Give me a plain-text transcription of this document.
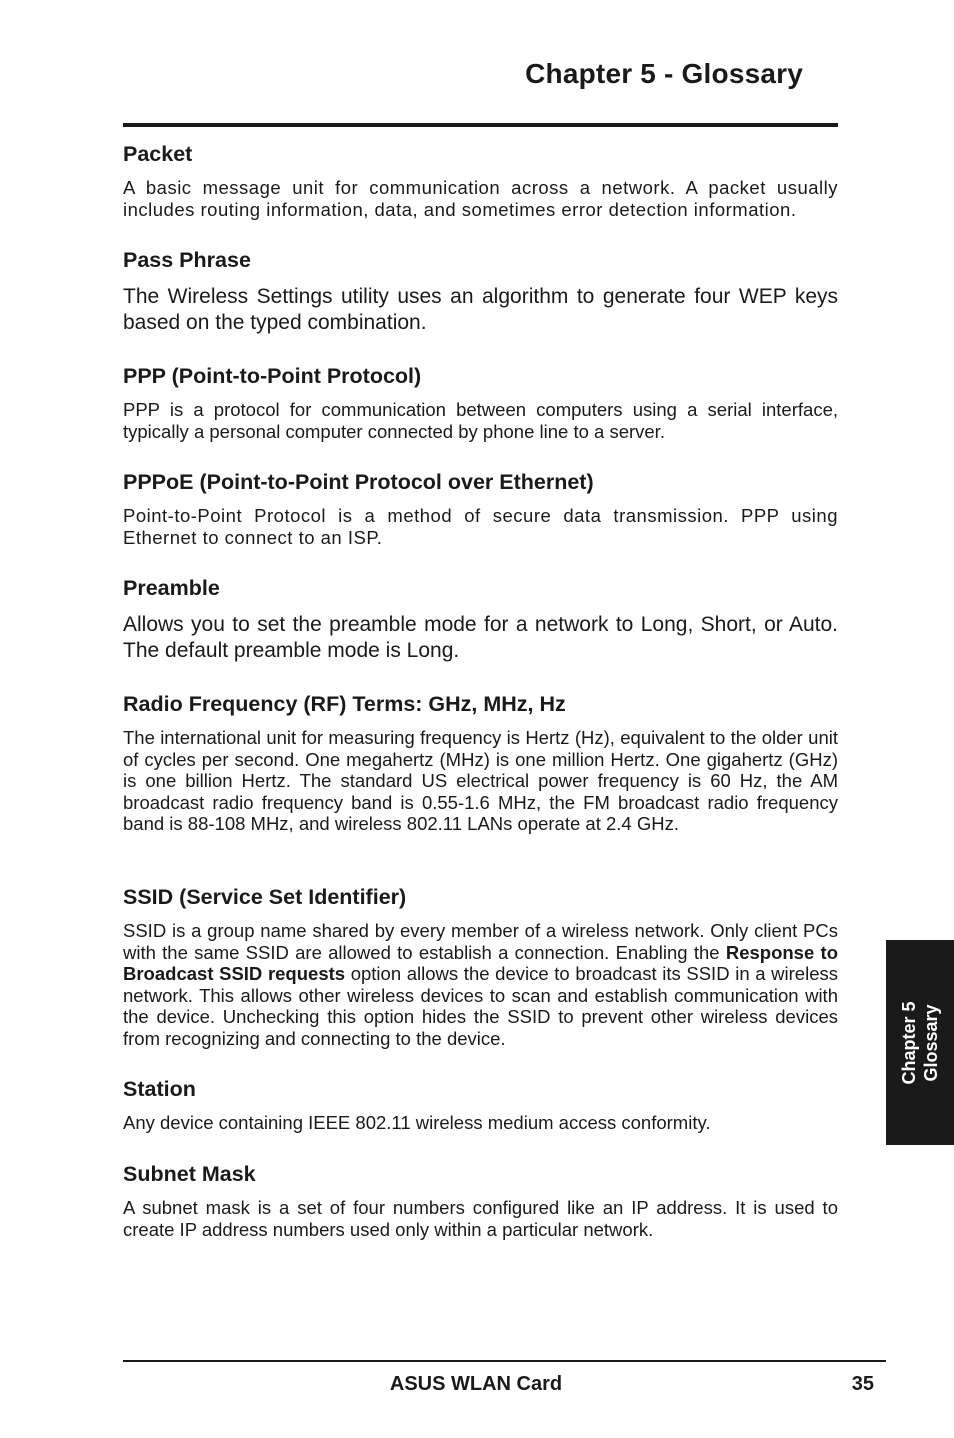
Chapter 5 - Glossary
Packet

A basic message unit for communication across a network. A packet usually includes routing information, data, and sometimes error detection information.

Pass Phrase

The Wireless Settings utility uses an algorithm to generate four WEP keys based on the typed combination.

PPP (Point-to-Point Protocol)

PPP is a protocol for communication between computers using a serial interface, typically a personal computer connected by phone line to a server.

PPPoE (Point-to-Point Protocol over Ethernet)

Point-to-Point Protocol is a method of secure data transmission. PPP using Ethernet to connect to an ISP.

Preamble

Allows you to set the preamble mode for a network to Long, Short, or Auto. The default preamble mode is Long.

Radio Frequency (RF) Terms: GHz, MHz, Hz

The international unit for measuring frequency is Hertz (Hz), equivalent to the older unit of cycles per second. One megahertz (MHz) is one million Hertz. One gigahertz (GHz) is one billion Hertz. The standard US electrical power frequency is 60 Hz, the AM broadcast radio frequency band is 0.55-1.6 MHz, the FM broadcast radio frequency band is 88-108 MHz, and wireless 802.11 LANs operate at 2.4 GHz.

SSID (Service Set Identifier)

SSID is a group name shared by every member of a wireless network. Only client PCs with the same SSID are allowed to establish a connection. Enabling the Response to Broadcast SSID requests option allows the device to broadcast its SSID in a wireless network. This allows other wireless devices to scan and establish communication with the device. Unchecking this option hides the SSID to prevent other wireless devices from recognizing and connecting to the device.

Station

Any device containing IEEE 802.11 wireless medium access conformity.

Subnet Mask

A subnet mask is a set of four numbers configured like an IP address. It is used to create IP address numbers used only within a particular network.

Chapter 5 Glossary
ASUS WLAN Card	35
